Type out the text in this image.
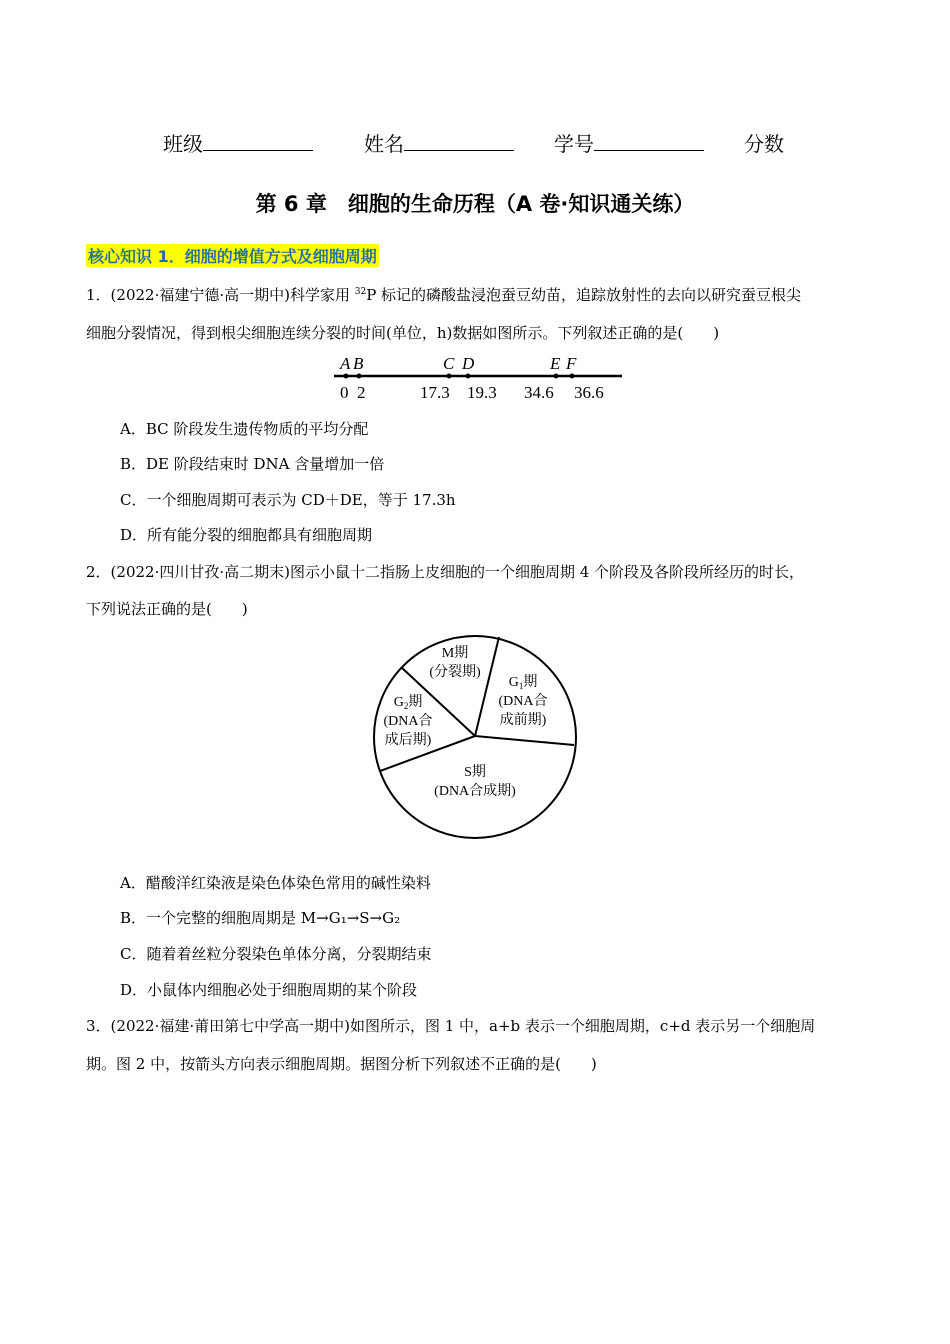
班级	姓名	学号	分数
第 6 章　细胞的生命历程（A 卷·知识通关练）
核心知识 1．细胞的增值方式及细胞周期
1．(2022·福建宁德·高一期中)科学家用 $^{32}$P 标记的磷酸盐浸泡蚕豆幼苗，追踪放射性的去向以研究蚕豆根尖
细胞分裂情况，得到根尖细胞连续分裂的时间(单位，h)数据如图所示。下列叙述正确的是(　　)
A
0
B
2
C
17.3
D
19.3
E
34.6
F
36.6
A．BC 阶段发生遗传物质的平均分配
B．DE 阶段结束时 DNA 含量增加一倍
C．一个细胞周期可表示为 CD＋DE，等于 17.3h
D．所有能分裂的细胞都具有细胞周期
2．(2022·四川甘孜·高二期末)图示小鼠十二指肠上皮细胞的一个细胞周期 4 个阶段及各阶段所经历的时长，
下列说法正确的是(　　)
M期
(分裂期)
$G_1$期
(DNA合
成前期)
$G_2$期
(DNA合
成后期)
S期
(DNA合成期)
A．醋酸洋红染液是染色体染色常用的碱性染料
B．一个完整的细胞周期是 M→G₁→S→G₂
C．随着着丝粒分裂染色单体分离，分裂期结束
D．小鼠体内细胞必处于细胞周期的某个阶段
3．(2022·福建·莆田第七中学高一期中)如图所示，图 1 中，a+b 表示一个细胞周期，c+d 表示另一个细胞周
期。图 2 中，按箭头方向表示细胞周期。据图分析下列叙述不正确的是(　　)
